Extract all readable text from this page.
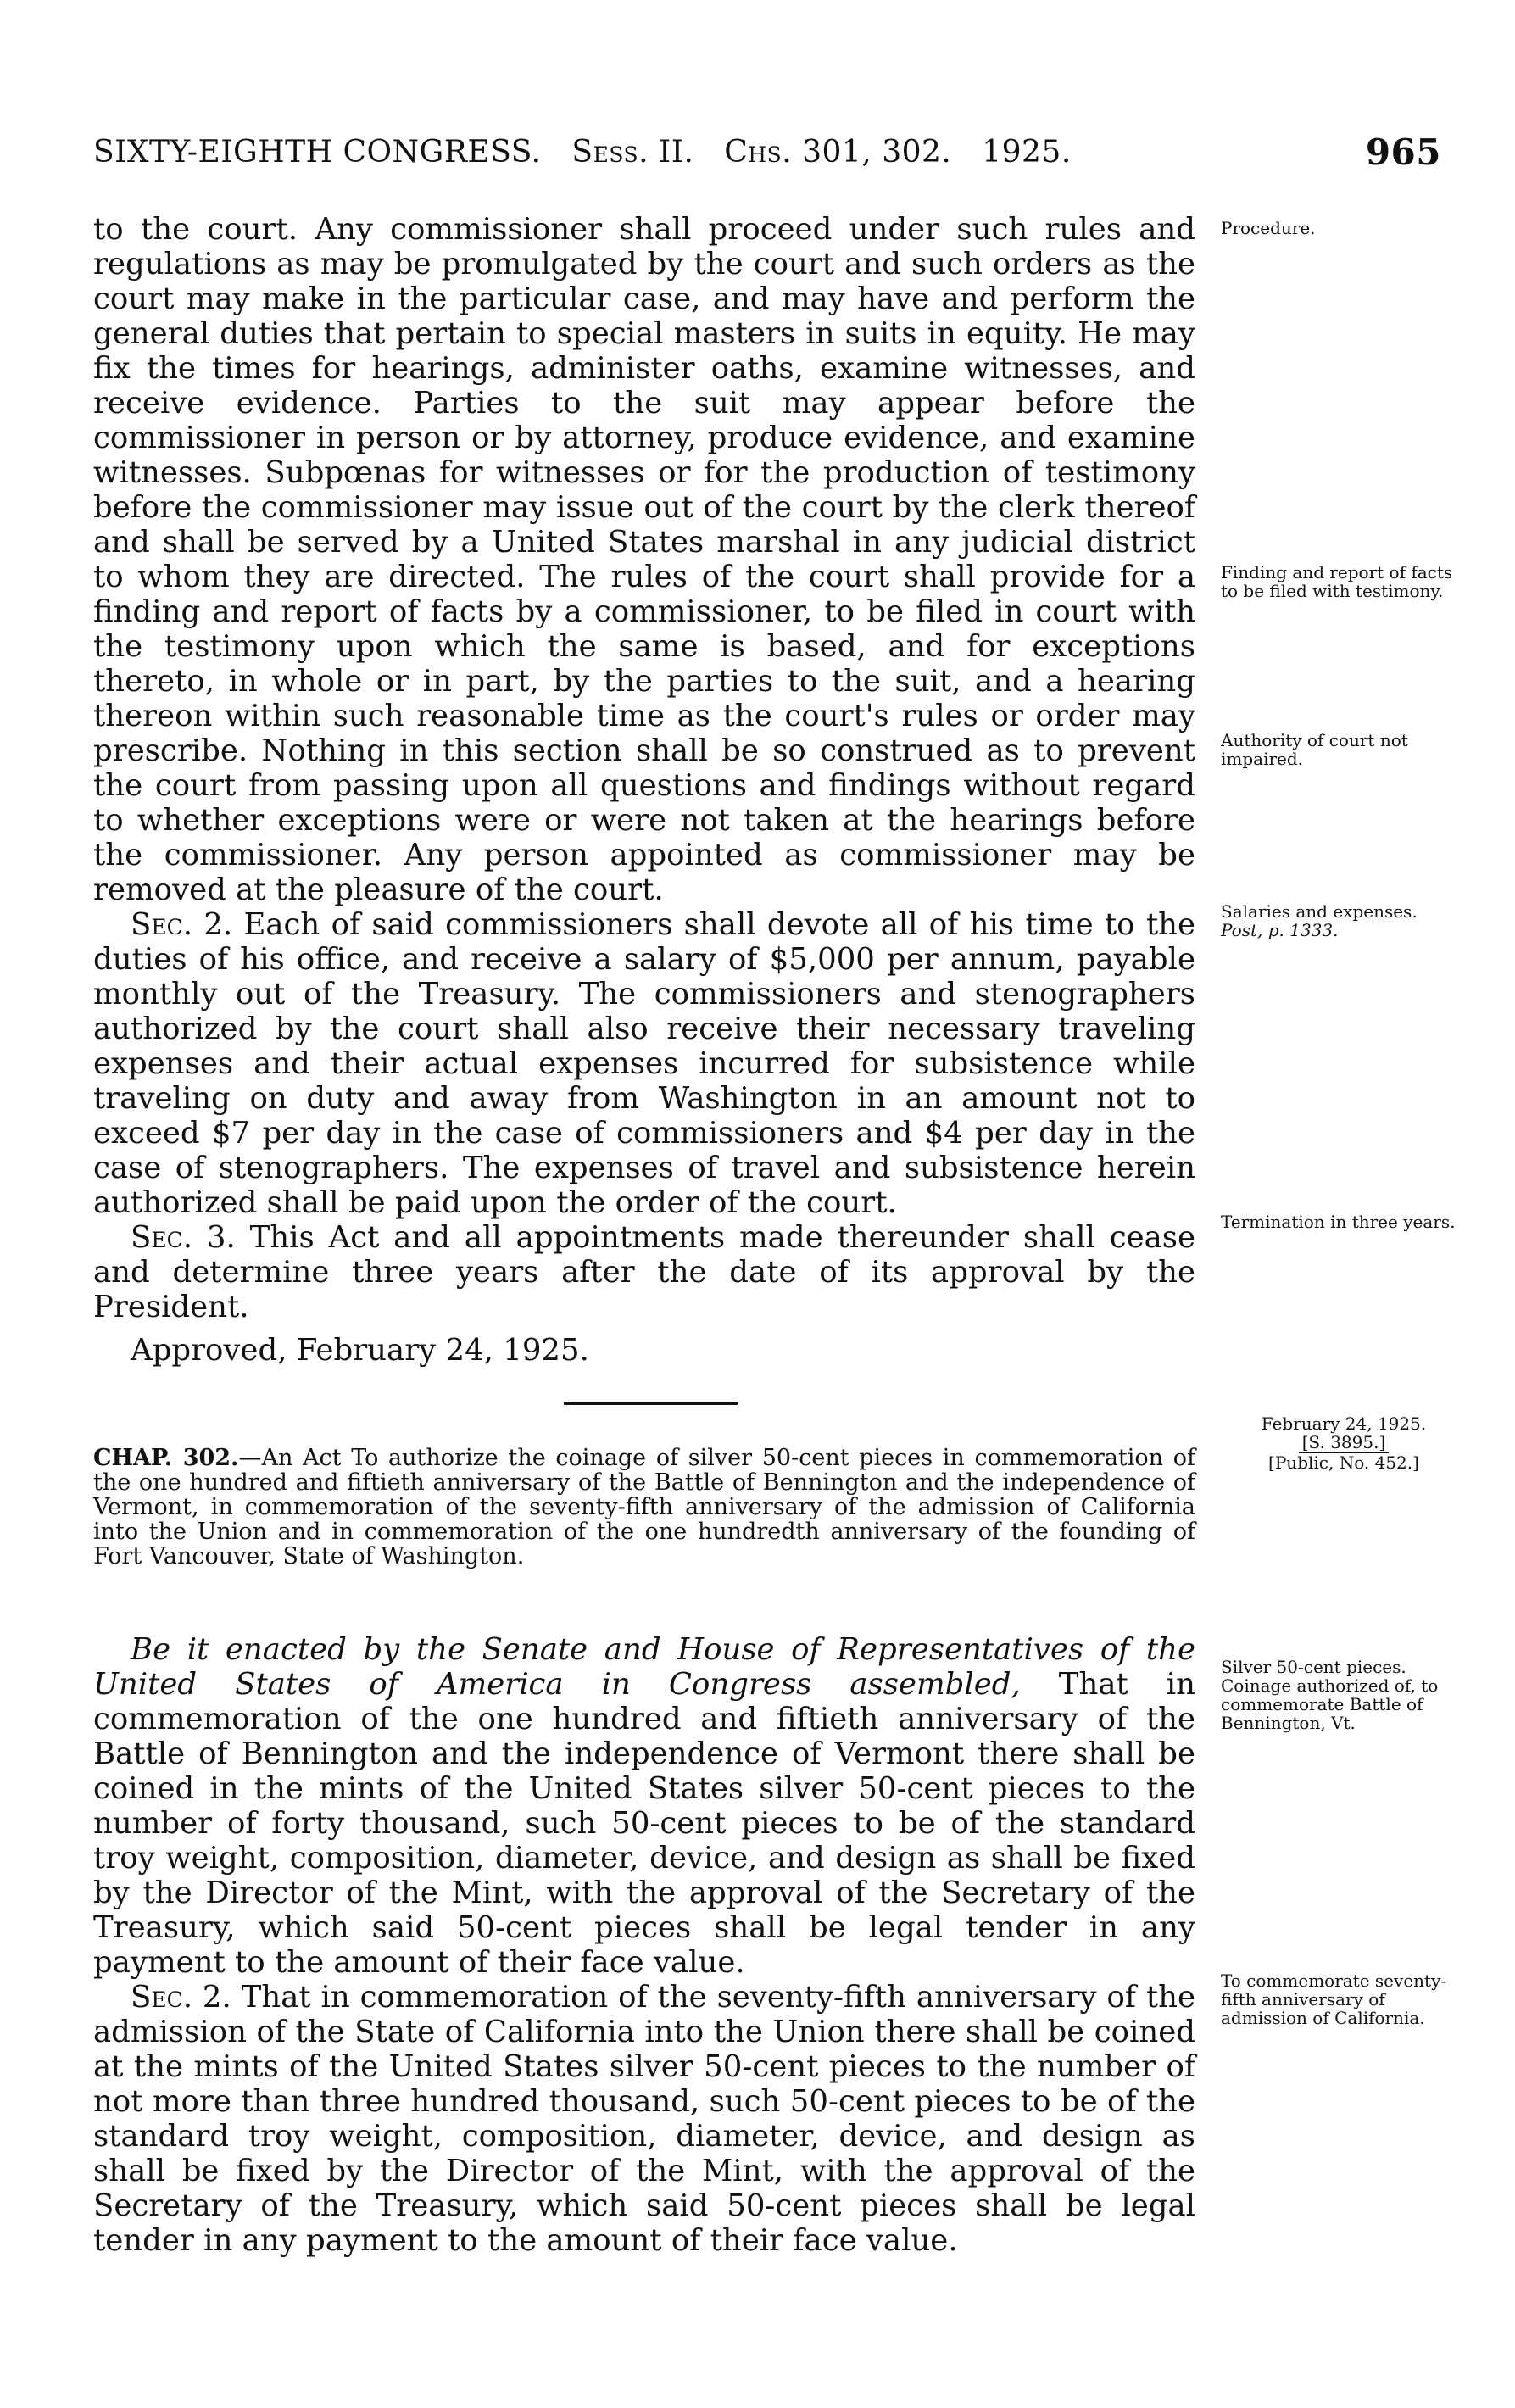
SIXTY-EIGHTH CONGRESS. Sess. II. Chs. 301, 302. 1925.	965

to the court. Any commissioner shall proceed under such rules and regulations as may be promulgated by the court and such orders as the court may make in the particular case, and may have and perform the general duties that pertain to special masters in suits in equity. He may fix the times for hearings, administer oaths, examine witnesses, and receive evidence. Parties to the suit may appear before the commissioner in person or by attorney, produce evidence, and examine witnesses. Subpœnas for witnesses or for the production of testimony before the commissioner may issue out of the court by the clerk thereof and shall be served by a United States marshal in any judicial district to whom they are directed. The rules of the court shall provide for a finding and report of facts by a commissioner, to be filed in court with the testimony upon which the same is based, and for exceptions thereto, in whole or in part, by the parties to the suit, and a hearing thereon within such reasonable time as the court's rules or order may prescribe. Nothing in this section shall be so construed as to prevent the court from passing upon all questions and findings without regard to whether exceptions were or were not taken at the hearings before the commissioner. Any person appointed as commissioner may be removed at the pleasure of the court.

Sec. 2. Each of said commissioners shall devote all of his time to the duties of his office, and receive a salary of $5,000 per annum, payable monthly out of the Treasury. The commissioners and stenographers authorized by the court shall also receive their necessary traveling expenses and their actual expenses incurred for subsistence while traveling on duty and away from Washington in an amount not to exceed $7 per day in the case of commissioners and $4 per day in the case of stenographers. The expenses of travel and subsistence herein authorized shall be paid upon the order of the court.

Sec. 3. This Act and all appointments made thereunder shall cease and determine three years after the date of its approval by the President.

Approved, February 24, 1925.

CHAP. 302.—An Act To authorize the coinage of silver 50-cent pieces in commemoration of the one hundred and fiftieth anniversary of the Battle of Bennington and the independence of Vermont, in commemoration of the seventy-fifth anniversary of the admission of California into the Union and in commemoration of the one hundredth anniversary of the founding of Fort Vancouver, State of Washington.

Be it enacted by the Senate and House of Representatives of the United States of America in Congress assembled, That in commemoration of the one hundred and fiftieth anniversary of the Battle of Bennington and the independence of Vermont there shall be coined in the mints of the United States silver 50-cent pieces to the number of forty thousand, such 50-cent pieces to be of the standard troy weight, composition, diameter, device, and design as shall be fixed by the Director of the Mint, with the approval of the Secretary of the Treasury, which said 50-cent pieces shall be legal tender in any payment to the amount of their face value.

Sec. 2. That in commemoration of the seventy-fifth anniversary of the admission of the State of California into the Union there shall be coined at the mints of the United States silver 50-cent pieces to the number of not more than three hundred thousand, such 50-cent pieces to be of the standard troy weight, composition, diameter, device, and design as shall be fixed by the Director of the Mint, with the approval of the Secretary of the Treasury, which said 50-cent pieces shall be legal tender in any payment to the amount of their face value.

Procedure.
Finding and report of facts to be filed with testimony.
Authority of court not impaired.
Salaries and expenses.
Post, p. 1333.
Termination in three years.
February 24, 1925.
[S. 3895.]
[Public, No. 452.]
Silver 50-cent pieces. Coinage authorized of, to commemorate Battle of Bennington, Vt.
To commemorate seventy-fifth anniversary of admission of California.
